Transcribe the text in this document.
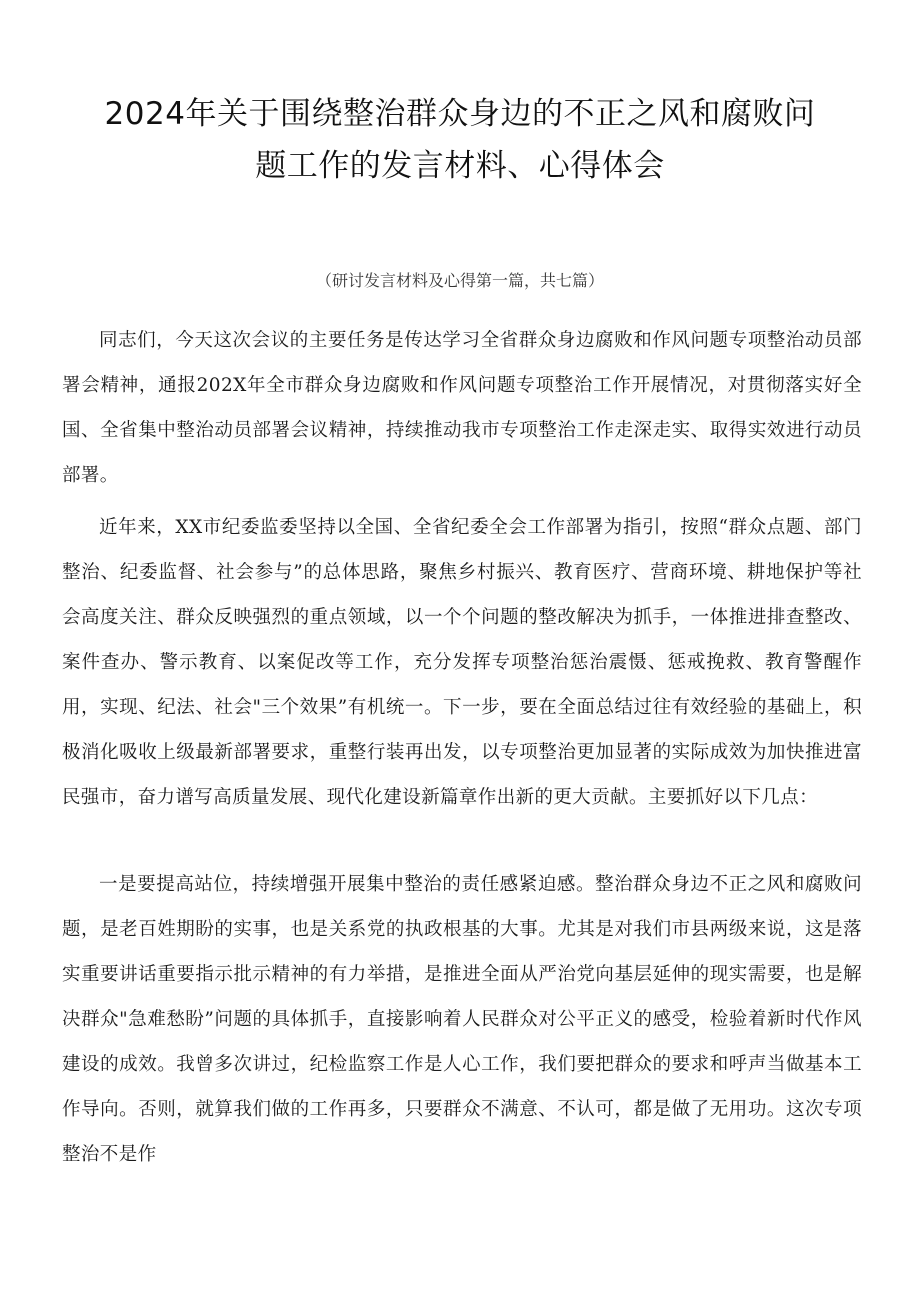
2024年关于围绕整治群众身边的不正之风和腐败问
题工作的发言材料、心得体会

（研讨发言材料及心得第一篇，共七篇）

同志们，今天这次会议的主要任务是传达学习全省群众身边腐败和作风问题专项整治动员部署会精神，通报202X年全市群众身边腐败和作风问题专项整治工作开展情况，对贯彻落实好全国、全省集中整治动员部署会议精神，持续推动我市专项整治工作走深走实、取得实效进行动员部署。

近年来，XX市纪委监委坚持以全国、全省纪委全会工作部署为指引，按照“群众点题、部门整治、纪委监督、社会参与”的总体思路，聚焦乡村振兴、教育医疗、营商环境、耕地保护等社会高度关注、群众反映强烈的重点领域，以一个个问题的整改解决为抓手，一体推进排查整改、案件查办、警示教育、以案促改等工作，充分发挥专项整治惩治震慑、惩戒挽救、教育警醒作用，实现、纪法、社会"三个效果”有机统一。下一步，要在全面总结过往有效经验的基础上，积极消化吸收上级最新部署要求，重整行装再出发，以专项整治更加显著的实际成效为加快推进富民强市，奋力谱写高质量发展、现代化建设新篇章作出新的更大贡献。主要抓好以下几点：

一是要提高站位，持续增强开展集中整治的责任感紧迫感。整治群众身边不正之风和腐败问题，是老百姓期盼的实事，也是关系党的执政根基的大事。尤其是对我们市县两级来说，这是落实重要讲话重要指示批示精神的有力举措，是推进全面从严治党向基层延伸的现实需要，也是解决群众"急难愁盼”问题的具体抓手，直接影响着人民群众对公平正义的感受，检验着新时代作风建设的成效。我曾多次讲过，纪检监察工作是人心工作，我们要把群众的要求和呼声当做基本工作导向。否则，就算我们做的工作再多，只要群众不满意、不认可，都是做了无用功。这次专项整治不是作
